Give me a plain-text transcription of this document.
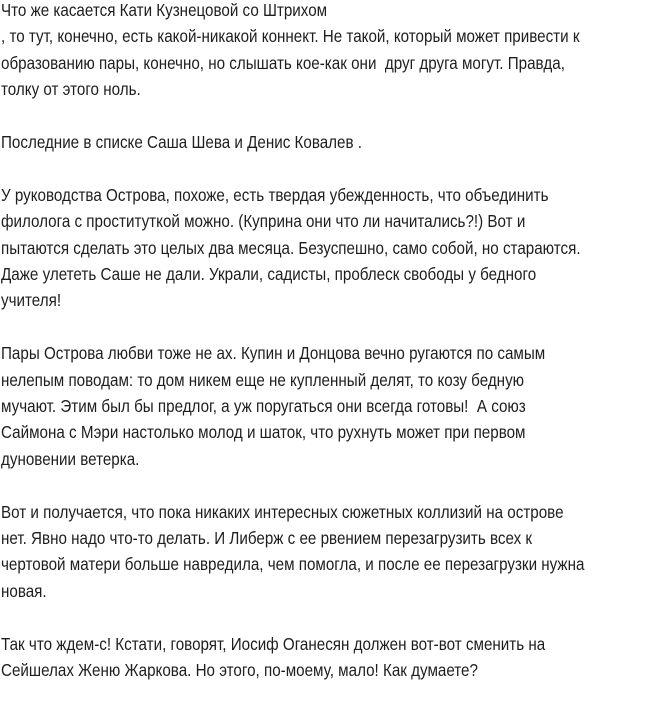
Что же касается Кати Кузнецовой со Штрихом
, то тут, конечно, есть какой-никакой коннект. Не такой, который может привести к
образованию пары, конечно, но слышать кое-как они  друг друга могут. Правда,
толку от этого ноль.
Последние в списке Саша Шева и Денис Ковалев .
У руководства Острова, похоже, есть твердая убежденность, что объединить
филолога с проституткой можно. (Куприна они что ли начитались?!) Вот и
пытаются сделать это целых два месяца. Безуспешно, само собой, но стараются.
Даже улететь Саше не дали. Украли, садисты, проблеск свободы у бедного
учителя!
Пары Острова любви тоже не ах. Купин и Донцова вечно ругаются по самым
нелепым поводам: то дом никем еще не купленный делят, то козу бедную
мучают. Этим был бы предлог, а уж поругаться они всегда готовы!  А союз
Саймона с Мэри настолько молод и шаток, что рухнуть может при первом
дуновении ветерка.
Вот и получается, что пока никаких интересных сюжетных коллизий на острове
нет. Явно надо что-то делать. И Либерж с ее рвением перезагрузить всех к
чертовой матери больше навредила, чем помогла, и после ее перезагрузки нужна
новая.
Так что ждем-с! Кстати, говорят, Иосиф Оганесян должен вот-вот сменить на
Сейшелах Женю Жаркова. Но этого, по-моему, мало! Как думаете?
